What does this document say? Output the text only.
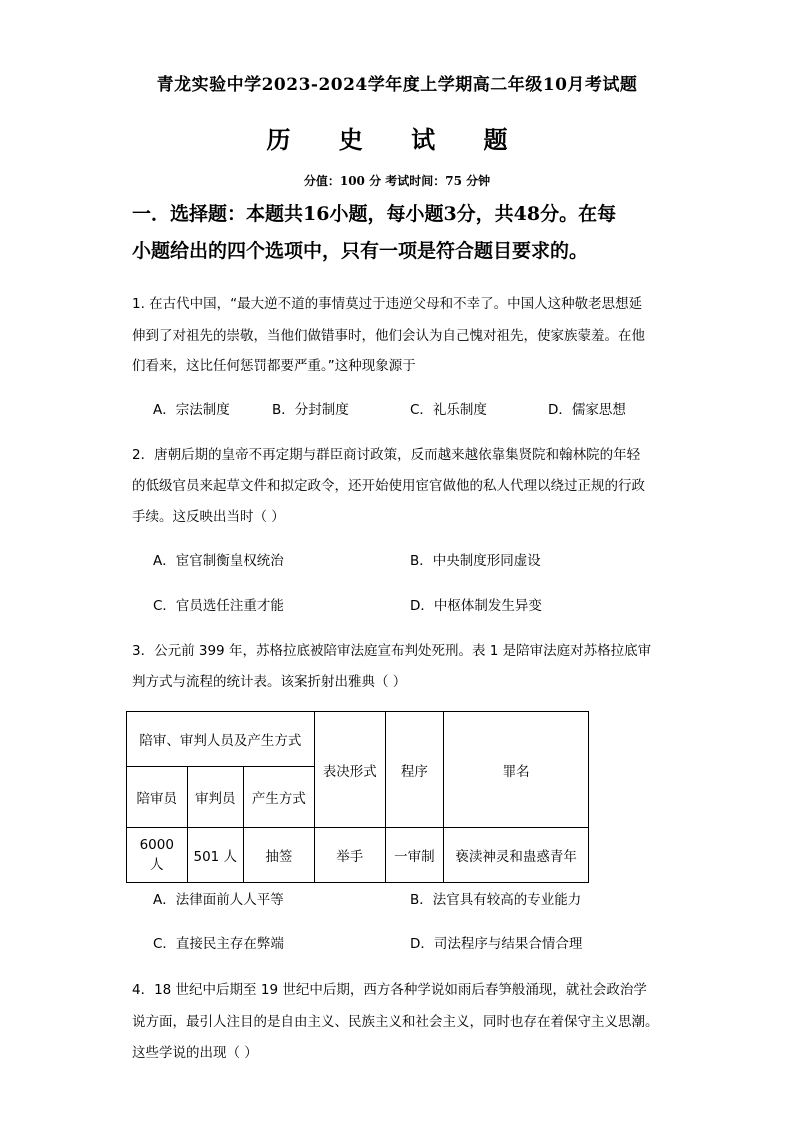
青龙实验中学2023-2024学年度上学期高二年级10月考试题
历 史 试 题
分值：100 分 考试时间：75 分钟
一．选择题：本题共16小题，每小题3分，共48分。在每
小题给出的四个选项中，只有一项是符合题目要求的。
1. 在古代中国，“最大逆不道的事情莫过于违逆父母和不幸了。中国人这种敬老思想延
伸到了对祖先的崇敬，当他们做错事时，他们会认为自己愧对祖先，使家族蒙羞。在他
们看来，这比任何惩罚都要严重。”这种现象源于
A．宗法制度	B．分封制度	C．礼乐制度	D．儒家思想
2．唐朝后期的皇帝不再定期与群臣商讨政策，反而越来越依靠集贤院和翰林院的年轻
的低级官员来起草文件和拟定政令，还开始使用宦官做他的私人代理以绕过正规的行政
手续。这反映出当时（ ）
A．宦官制衡皇权统治	B．中央制度形同虚设
C．官员选任注重才能	D．中枢体制发生异变
3．公元前 399 年，苏格拉底被陪审法庭宣布判处死刑。表 1 是陪审法庭对苏格拉底审
判方式与流程的统计表。该案折射出雅典（ ）
陪审、审判人员及产生方式			表决形式	程序	罪名
陪审员	审判员	产生方式			
6000 人	501 人	抽签	举手	一审制	亵渎神灵和蛊惑青年
A．法律面前人人平等	B．法官具有较高的专业能力
C．直接民主存在弊端	D．司法程序与结果合情合理
4．18 世纪中后期至 19 世纪中后期，西方各种学说如雨后春笋般涌现，就社会政治学
说方面，最引人注目的是自由主义、民族主义和社会主义，同时也存在着保守主义思潮。
这些学说的出现（ ）
